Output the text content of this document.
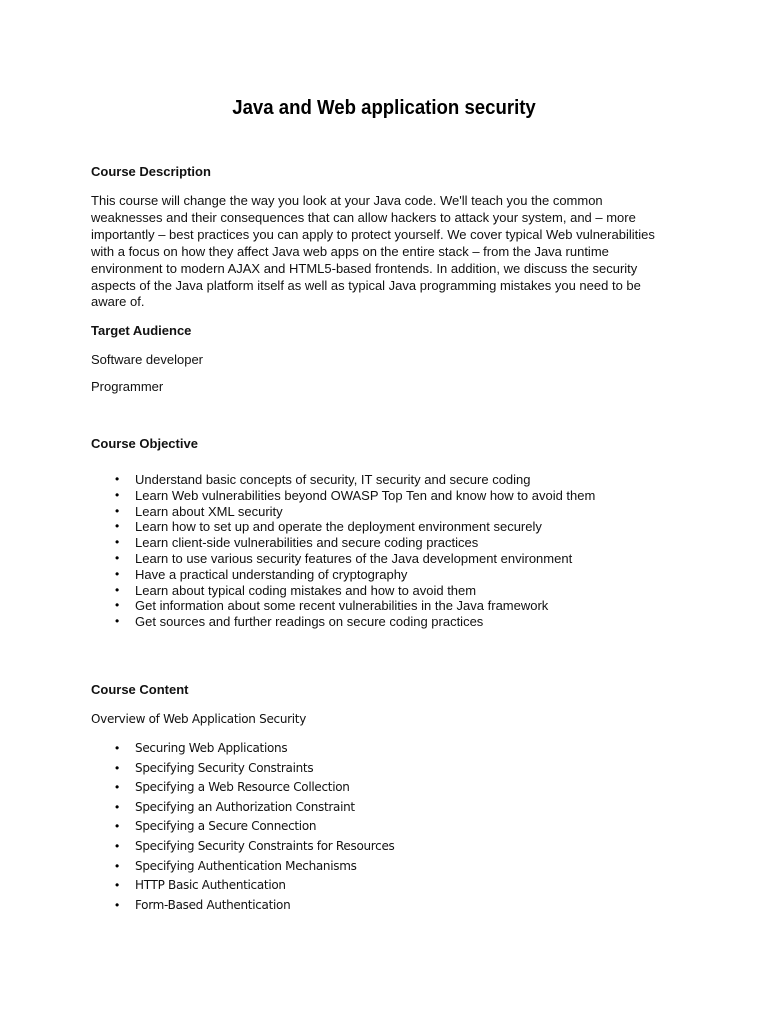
Java and Web application security
Course Description
This course will change the way you look at your Java code. We'll teach you the common
weaknesses and their consequences that can allow hackers to attack your system, and – more
importantly – best practices you can apply to protect yourself. We cover typical Web vulnerabilities
with a focus on how they affect Java web apps on the entire stack – from the Java runtime
environment to modern AJAX and HTML5-based frontends. In addition, we discuss the security
aspects of the Java platform itself as well as typical Java programming mistakes you need to be
aware of.
Target Audience
Software developer
Programmer
Course Objective
• Understand basic concepts of security, IT security and secure coding
• Learn Web vulnerabilities beyond OWASP Top Ten and know how to avoid them
• Learn about XML security
• Learn how to set up and operate the deployment environment securely
• Learn client-side vulnerabilities and secure coding practices
• Learn to use various security features of the Java development environment
• Have a practical understanding of cryptography
• Learn about typical coding mistakes and how to avoid them
• Get information about some recent vulnerabilities in the Java framework
• Get sources and further readings on secure coding practices
Course Content
Overview of Web Application Security
• Securing Web Applications
• Specifying Security Constraints
• Specifying a Web Resource Collection
• Specifying an Authorization Constraint
• Specifying a Secure Connection
• Specifying Security Constraints for Resources
• Specifying Authentication Mechanisms
• HTTP Basic Authentication
• Form-Based Authentication
